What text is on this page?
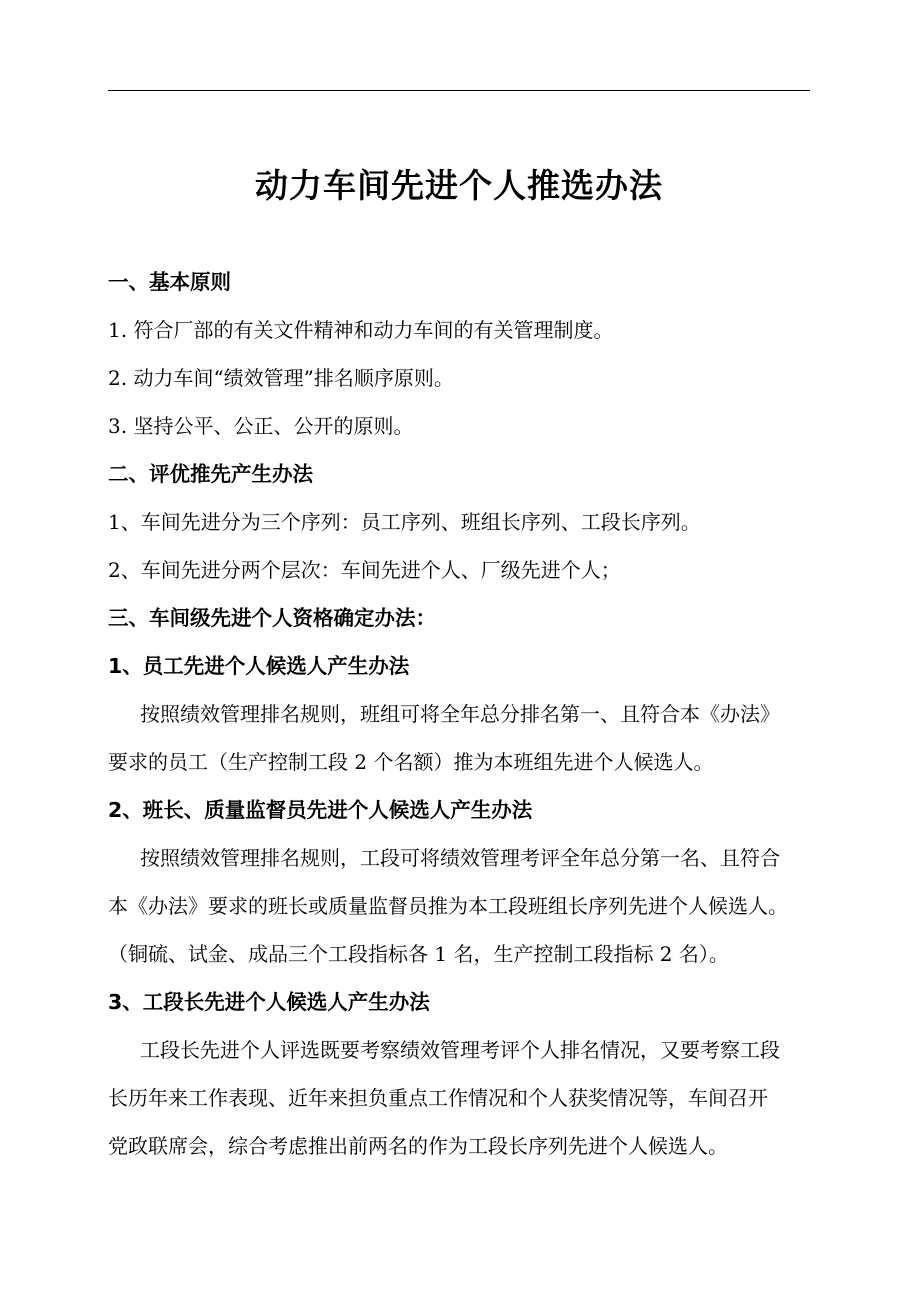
动力车间先进个人推选办法
一、基本原则
1. 符合厂部的有关文件精神和动力车间的有关管理制度。
2. 动力车间“绩效管理”排名顺序原则。
3. 坚持公平、公正、公开的原则。
二、评优推先产生办法
1、车间先进分为三个序列：员工序列、班组长序列、工段长序列。
2、车间先进分两个层次：车间先进个人、厂级先进个人；
三、车间级先进个人资格确定办法：
1、员工先进个人候选人产生办法
按照绩效管理排名规则，班组可将全年总分排名第一、且符合本《办法》
要求的员工（生产控制工段 2 个名额）推为本班组先进个人候选人。
2、班长、质量监督员先进个人候选人产生办法
按照绩效管理排名规则，工段可将绩效管理考评全年总分第一名、且符合
本《办法》要求的班长或质量监督员推为本工段班组长序列先进个人候选人。
（铜硫、试金、成品三个工段指标各 1 名，生产控制工段指标 2 名）。
3、工段长先进个人候选人产生办法
工段长先进个人评选既要考察绩效管理考评个人排名情况，又要考察工段
长历年来工作表现、近年来担负重点工作情况和个人获奖情况等，车间召开
党政联席会，综合考虑推出前两名的作为工段长序列先进个人候选人。
